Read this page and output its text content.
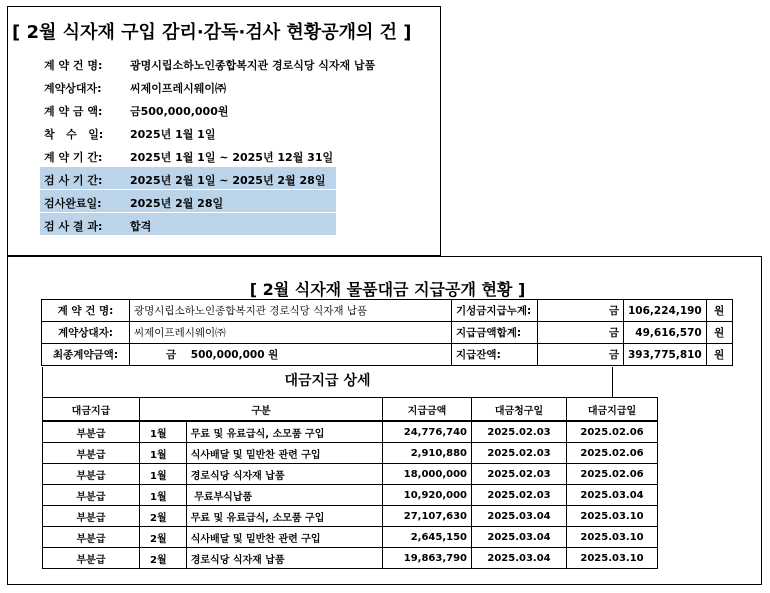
[ 2월 식자재 구입 감리·감독·검사 현황공개의 건 ]
계 약 건 명:	광명시립소하노인종합복지관 경로식당 식자재 납품
계약상대자:	씨제이프레시웨이㈜
계 약 금 액:	금500,000,000원
착   수   일:	2025년 1월 1일
계 약 기 간:	2025년 1월 1일 ~ 2025년 12월 31일
검 사 기 간:	2025년 2월 1일 ~ 2025년 2월 28일
검사완료일:	2025년 2월 28일
검 사 결 과:	합격
[ 2월 식자재 물품대금 지급공개 현황 ]
계 약 건 명:	광명시립소하노인종합복지관 경로식당 식자재 납품	기성금지급누계:	금	106,224,190	원
계약상대자:	씨제이프레시웨이㈜	지급금액합계:	금	49,616,570	원
최종계약금액:	금    500,000,000 원	지급잔액:	금	393,775,810	원
대금지급 상세
대금지급	구분		지급금액	대금청구일	대금지급일
부분급	1월	무료 및 유료급식, 소모품 구입	24,776,740	2025.02.03	2025.02.06
부분급	1월	식사배달 및 밑반찬 관련 구입	2,910,880	2025.02.03	2025.02.06
부분급	1월	경로식당 식자재 납품	18,000,000	2025.02.03	2025.02.06
부분급	1월	무료부식납품	10,920,000	2025.02.03	2025.03.04
부분급	2월	무료 및 유료급식, 소모품 구입	27,107,630	2025.03.04	2025.03.10
부분급	2월	식사배달 및 밑반찬 관련 구입	2,645,150	2025.03.04	2025.03.10
부분급	2월	경로식당 식자재 납품	19,863,790	2025.03.04	2025.03.10
